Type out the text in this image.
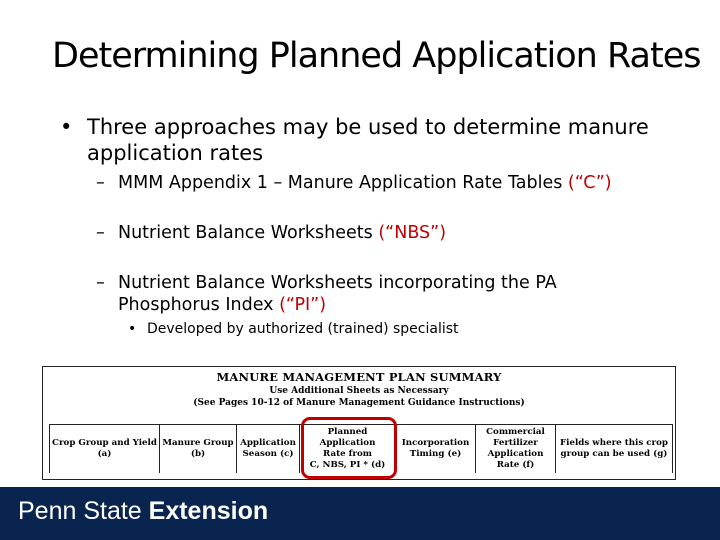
Determining Planned Application Rates
• Three approaches may be used to determine manure application rates
– MMM Appendix 1 – Manure Application Rate Tables (“C”)
– Nutrient Balance Worksheets (“NBS”)
– Nutrient Balance Worksheets incorporating the PA Phosphorus Index (“PI”)
• Developed by authorized (trained) specialist
MANURE MANAGEMENT PLAN SUMMARY
Use Additional Sheets as Necessary
(See Pages 10-12 of Manure Management Guidance Instructions)
Crop Group and Yield
(a)
Manure Group
(b)
Application
Season (c)
Planned
Application
Rate from
C, NBS, PI * (d)
Incorporation
Timing (e)
Commercial
Fertilizer
Application
Rate (f)
Fields where this crop
group can be used (g)
Penn State Extension
